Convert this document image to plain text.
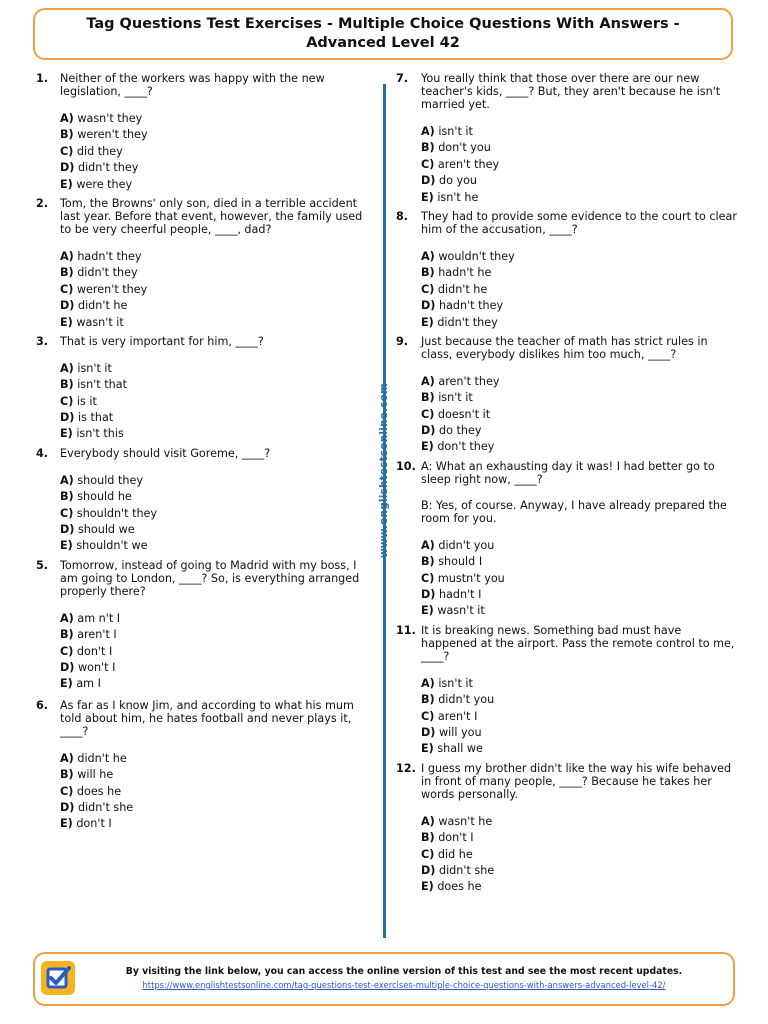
Tag Questions Test Exercises - Multiple Choice Questions With Answers -
Advanced Level 42
1. Neither of the workers was happy with the new legislation, ____?

A) wasn't they
B) weren't they
C) did they
D) didn't they
E) were they
2. Tom, the Browns' only son, died in a terrible accident last year. Before that event, however, the family used to be very cheerful people, ____, dad?

A) hadn't they
B) didn't they
C) weren't they
D) didn't he
E) wasn't it
3. That is very important for him, ____?

A) isn't it
B) isn't that
C) is it
D) is that
E) isn't this
4. Everybody should visit Goreme, ____?

A) should they
B) should he
C) shouldn't they
D) should we
E) shouldn't we
5. Tomorrow, instead of going to Madrid with my boss, I am going to London, ____? So, is everything arranged properly there?

A) am n't I
B) aren't I
C) don't I
D) won't I
E) am I
6. As far as I know Jim, and according to what his mum told about him, he hates football and never plays it, ____?

A) didn't he
B) will he
C) does he
D) didn't she
E) don't I
www.englishtestsonline.com
7. You really think that those over there are our new teacher's kids, ____? But, they aren't because he isn't married yet.

A) isn't it
B) don't you
C) aren't they
D) do you
E) isn't he
8. They had to provide some evidence to the court to clear him of the accusation, ____?

A) wouldn't they
B) hadn't he
C) didn't he
D) hadn't they
E) didn't they
9. Just because the teacher of math has strict rules in class, everybody dislikes him too much, ____?

A) aren't they
B) isn't it
C) doesn't it
D) do they
E) don't they
10. A: What an exhausting day it was! I had better go to sleep right now, ____?

B: Yes, of course. Anyway, I have already prepared the room for you.

A) didn't you
B) should I
C) mustn't you
D) hadn't I
E) wasn't it
11. It is breaking news. Something bad must have happened at the airport. Pass the remote control to me, ____?

A) isn't it
B) didn't you
C) aren't I
D) will you
E) shall we
12. I guess my brother didn't like the way his wife behaved in front of many people, ____? Because he takes her words personally.

A) wasn't he
B) don't I
C) did he
D) didn't she
E) does he
By visiting the link below, you can access the online version of this test and see the most recent updates.
https://www.englishtestsonline.com/tag-questions-test-exercises-multiple-choice-questions-with-answers-advanced-level-42/
